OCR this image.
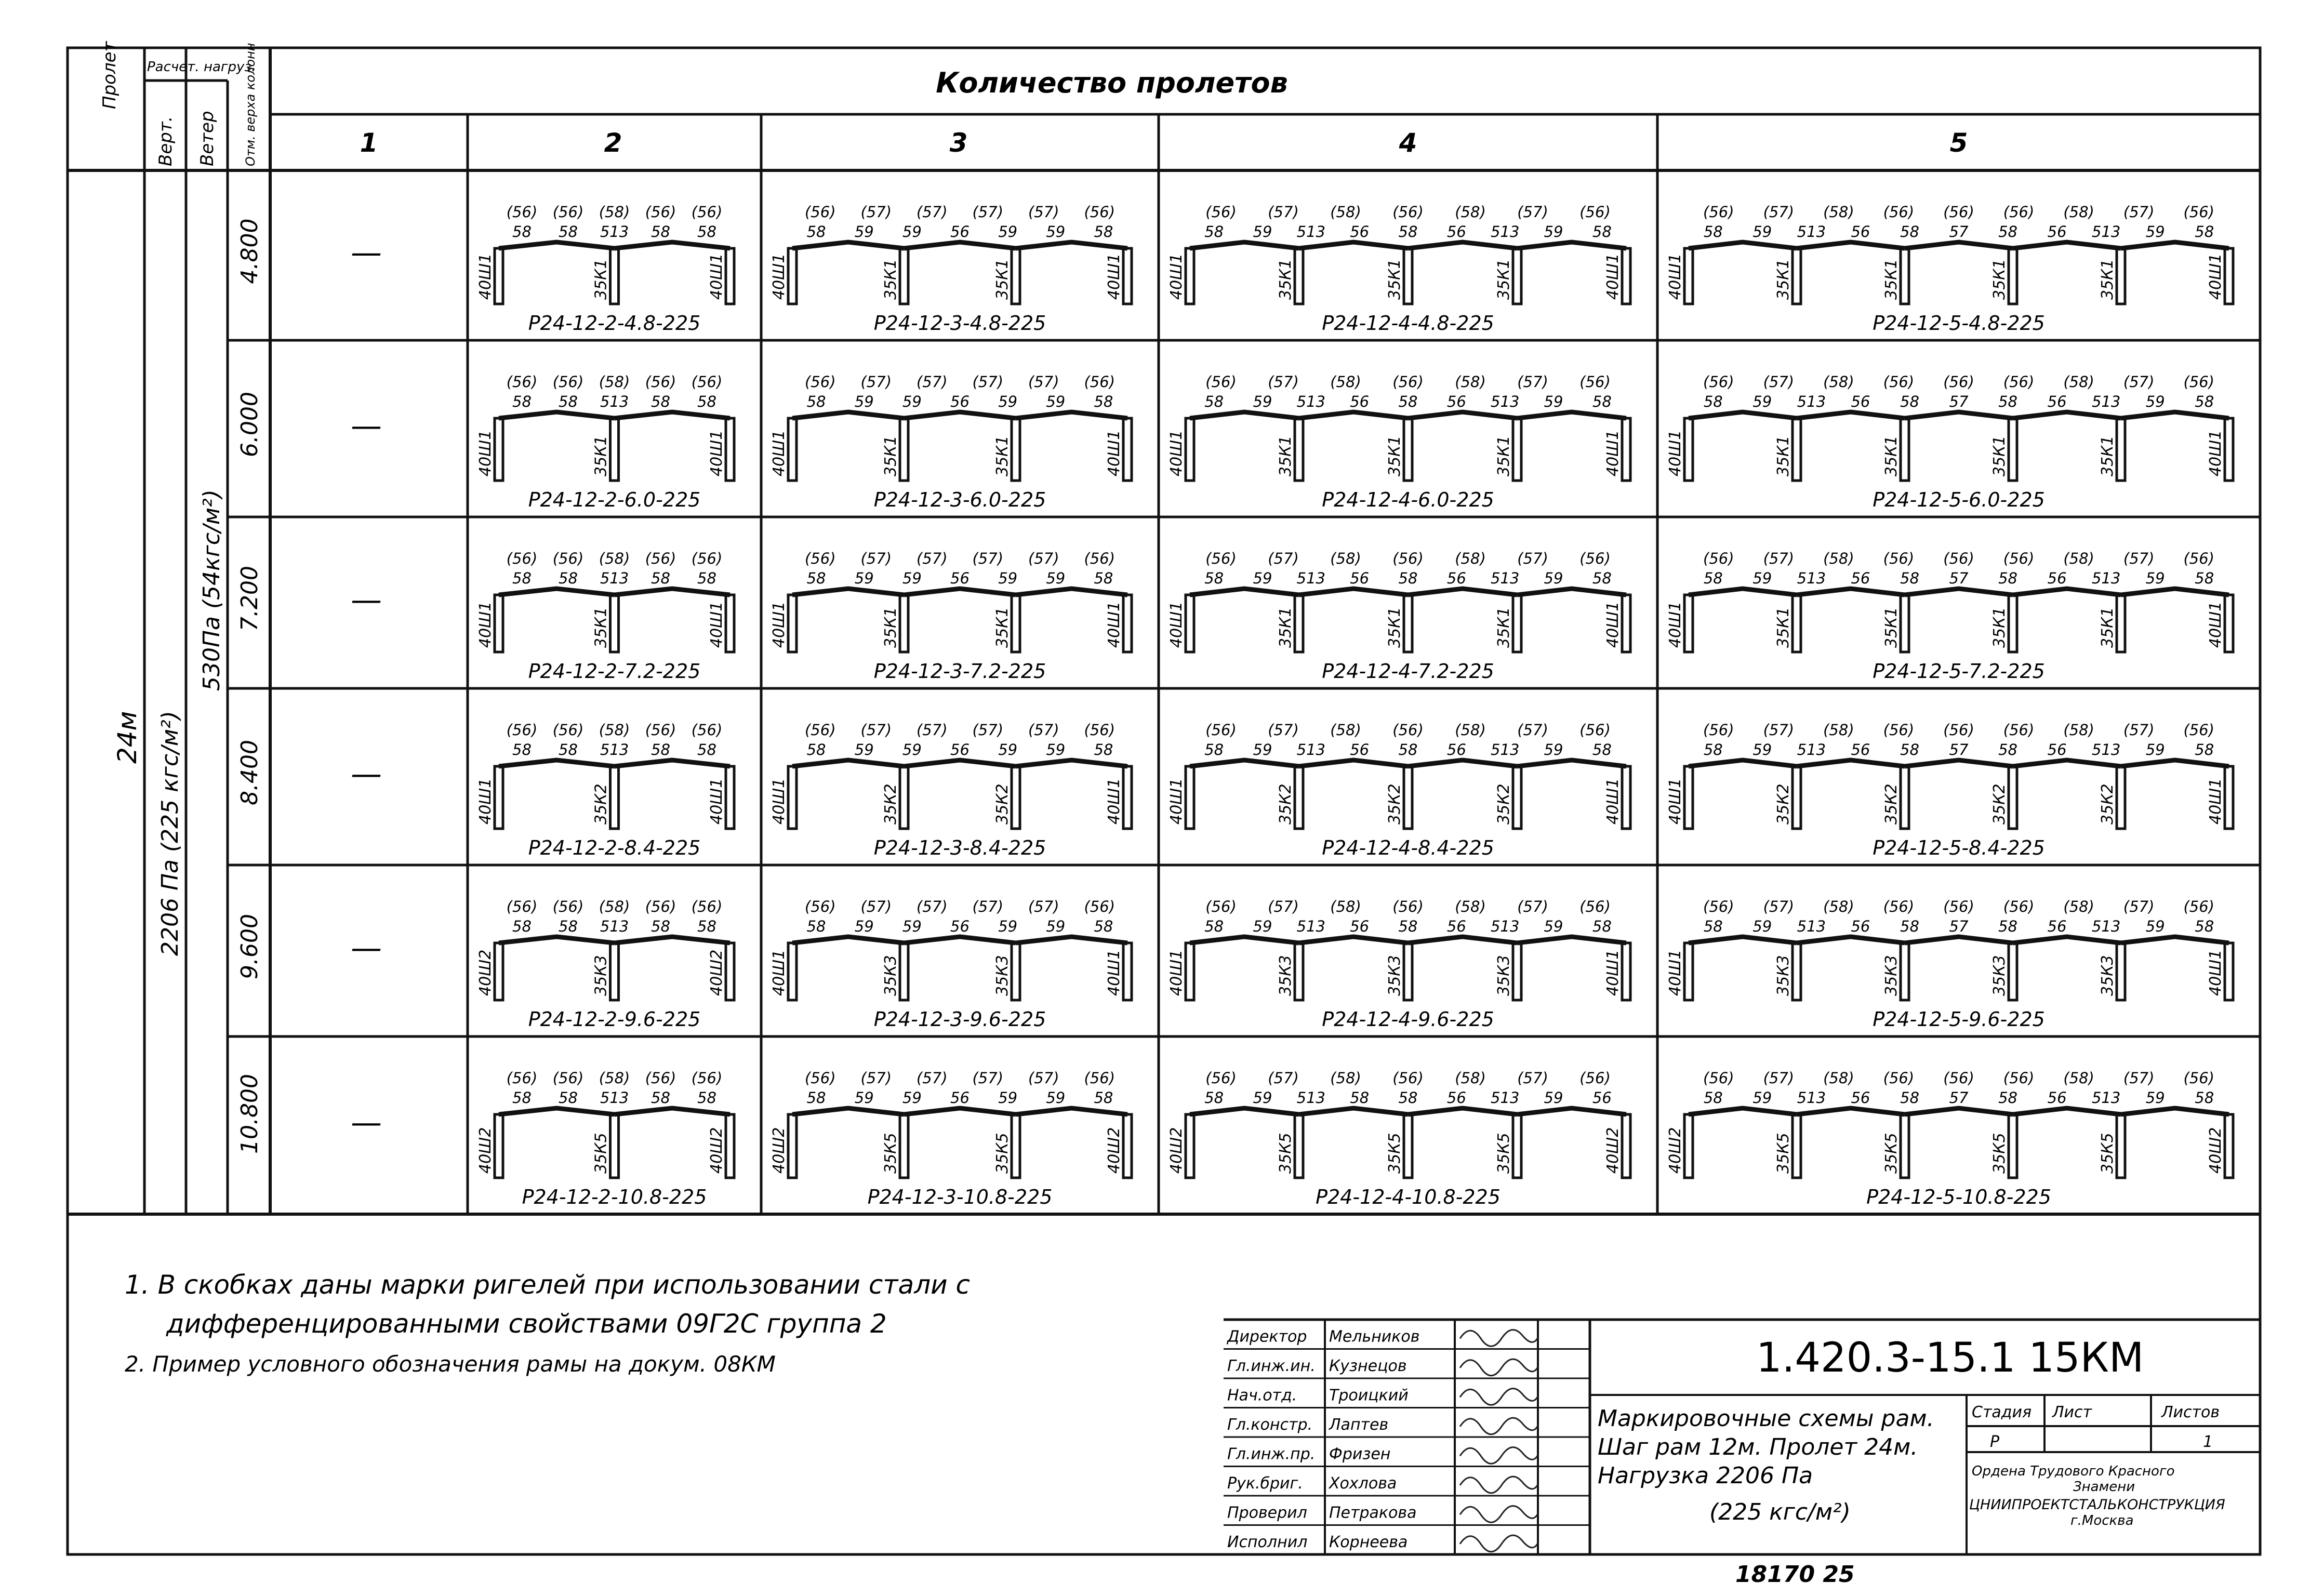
Пролет Расчет. нагруз.
Верт. Ветер Отм. верха колонн	Количество пролетов
1	2	3	4	5
24м 2206 Па (225 кгс/м²)
530Па (54кгс/м²)
4.800	—
40Ш1	35К1	40Ш1
(56) (56) (58) (56) (56)
58 58 513 58 58
Р24-12-2-4.8-225
40Ш1	35К1	35К1	40Ш1
(56) (57) (57) (57) (57) (56)
58 59 59 56 59 59 58
Р24-12-3-4.8-225
40Ш1	35К1	35К1	35К1	40Ш1
(56) (57) (58) (56) (58) (57) (56)
58 59 513 56 58 56 513 59 58
Р24-12-4-4.8-225
40Ш1	35К1	35К1	35К1	35К1	40Ш1
(56) (57) (58) (56) (56) (56) (58) (57) (56)
58 59 513 56 58 57 58 56 513 59 58
Р24-12-5-4.8-225
6.000	—
40Ш1	35К1	40Ш1
(56) (56) (58) (56) (56)
58 58 513 58 58
Р24-12-2-6.0-225
40Ш1	35К1	35К1	40Ш1
(56) (57) (57) (57) (57) (56)
58 59 59 56 59 59 58
Р24-12-3-6.0-225
40Ш1	35К1	35К1	35К1	40Ш1
(56) (57) (58) (56) (58) (57) (56)
58 59 513 56 58 56 513 59 58
Р24-12-4-6.0-225
40Ш1	35К1	35К1	35К1	35К1	40Ш1
(56) (57) (58) (56) (56) (56) (58) (57) (56)
58 59 513 56 58 57 58 56 513 59 58
Р24-12-5-6.0-225
7.200	—
40Ш1	35К1	40Ш1
(56) (56) (58) (56) (56)
58 58 513 58 58
Р24-12-2-7.2-225
40Ш1	35К1	35К1	40Ш1
(56) (57) (57) (57) (57) (56)
58 59 59 56 59 59 58
Р24-12-3-7.2-225
40Ш1	35К1	35К1	35К1	40Ш1
(56) (57) (58) (56) (58) (57) (56)
58 59 513 56 58 56 513 59 58
Р24-12-4-7.2-225
40Ш1	35К1	35К1	35К1	35К1	40Ш1
(56) (57) (58) (56) (56) (56) (58) (57) (56)
58 59 513 56 58 57 58 56 513 59 58
Р24-12-5-7.2-225
8.400	—
40Ш1	35К2	40Ш1
(56) (56) (58) (56) (56)
58 58 513 58 58
Р24-12-2-8.4-225
40Ш1	35К2	35К2	40Ш1
(56) (57) (57) (57) (57) (56)
58 59 59 56 59 59 58
Р24-12-3-8.4-225
40Ш1	35К2	35К2	35К2	40Ш1
(56) (57) (58) (56) (58) (57) (56)
58 59 513 56 58 56 513 59 58
Р24-12-4-8.4-225
40Ш1	35К2	35К2	35К2	35К2	40Ш1
(56) (57) (58) (56) (56) (56) (58) (57) (56)
58 59 513 56 58 57 58 56 513 59 58
Р24-12-5-8.4-225
9.600	—
40Ш2	35К3	40Ш2
(56) (56) (58) (56) (56)
58 58 513 58 58
Р24-12-2-9.6-225
40Ш1	35К3	35К3	40Ш1
(56) (57) (57) (57) (57) (56)
58 59 59 56 59 59 58
Р24-12-3-9.6-225
40Ш1	35К3	35К3	35К3	40Ш1
(56) (57) (58) (56) (58) (57) (56)
58 59 513 56 58 56 513 59 58
Р24-12-4-9.6-225
40Ш1	35К3	35К3	35К3	35К3	40Ш1
(56) (57) (58) (56) (56) (56) (58) (57) (56)
58 59 513 56 58 57 58 56 513 59 58
Р24-12-5-9.6-225
10.800	—
40Ш2	35К5	40Ш2
(56) (56) (58) (56) (56)
58 58 513 58 58
Р24-12-2-10.8-225
40Ш2	35К5	35К5	40Ш2
(56) (57) (57) (57) (57) (56)
58 59 59 56 59 59 58
Р24-12-3-10.8-225
40Ш2	35К5	35К5	35К5	40Ш2
(56) (57) (58) (56) (58) (57) (56)
58 59 513 58 58 56 513 59 56
Р24-12-4-10.8-225
40Ш2	35К5	35К5	35К5	35К5	40Ш2
(56) (57) (58) (56) (56) (56) (58) (57) (56)
58 59 513 56 58 57 58 56 513 59 58
Р24-12-5-10.8-225
1. В скобках даны марки ригелей при использовании стали с
дифференцированными свойствами 09Г2С группа 2
2. Пример условного обозначения рамы на докум. 08КМ
Директор Мельников
Гл.инж.ин. Кузнецов
Нач.отд. Троицкий
Гл.констр. Лаптев
Гл.инж.пр. Фризен
Рук.бриг. Хохлова
Проверил Петракова
Исполнил Корнеева
1.420.3-15.1 15КМ
Маркировочные схемы рам.
Шаг рам 12м. Пролет 24м.
Нагрузка 2206 Па
(225 кгс/м²)
Стадия Лист	Листов
Р	1
Ордена Трудового Красного
Знамени
ЦНИИПРОЕКТСТАЛЬКОНСТРУКЦИЯ
г.Москва
18170 25
